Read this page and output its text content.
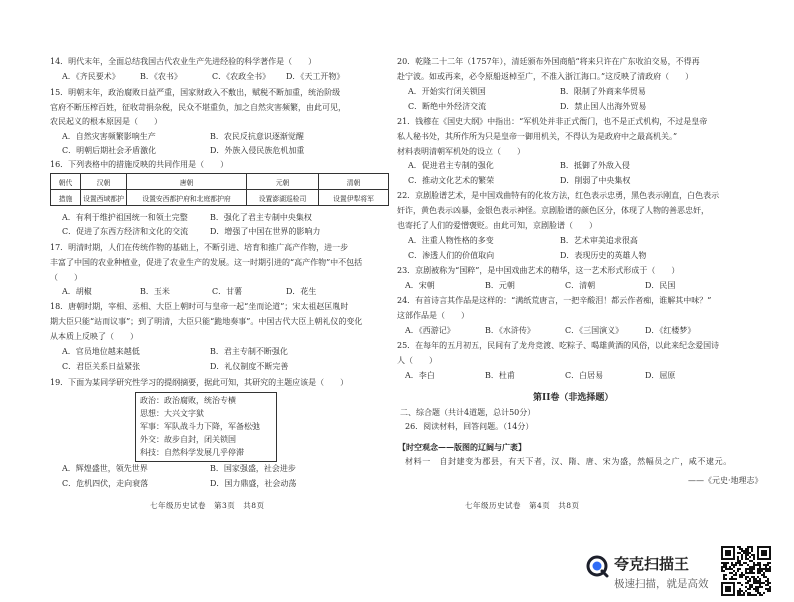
14．明代末年，全面总结我国古代农业生产先进经验的科学著作是（　　）
A．《齐民要术》	B．《农书》	C．《农政全书》 D．《天工开物》
15．明朝末年，政治腐败日益严重，国家财政入不敷出，赋税不断加重，统治阶级
官府不断压榨百姓，征收苛捐杂税，民众不堪重负，加之自然灾害频繁，由此可见，
农民起义的根本原因是（　　）
A．自然灾害频繁影响生产	B．农民反抗意识逐渐觉醒
C．明朝后期社会矛盾激化	D．外族入侵民族危机加重
16．下列表格中的措施反映的共同作用是（　　）
朝代	汉朝	唐朝	元朝	清朝
措施	设置西域都护	设置安西都护府和北庭都护府	设置澎湖巡检司	设置伊犁将军
A．有利于维护祖国统一和领土完整	B．强化了君主专制中央集权
C．促进了东西方经济和文化的交流	D．增强了中国在世界的影响力
17．明清时期，人们在传统作物的基础上，不断引进、培育和推广高产作物，进一步
丰富了中国的农业种植业，促进了农业生产的发展。这一时期引进的“高产作物”中不包括
（　　）
A．胡椒	B．玉米	C．甘薯	D．花生
18．唐朝时期，宰相、丞相、大臣上朝时可与皇帝一起“坐而论道”；宋太祖赵匡胤时
期大臣只能“站而议事”；到了明清，大臣只能“跪地奏事”。中国古代大臣上朝礼仪的变化
从本质上反映了（　　）
A．官员地位越来越低	B．君主专制不断强化
C．君臣关系日益紧张	D．礼仪制度不断完善
19．下面为某同学研究性学习的提纲摘要，据此可知，其研究的主题应该是（　　）
政治：政治腐败，统治专横
思想：大兴文字狱
军事：军队战斗力下降，军备松弛
外交：故步自封，闭关锁国
科技：自然科学发展几乎停滞
A．辉煌盛世，领先世界	B．国家强盛，社会进步
C．危机四伏，走向衰落	D．国力鼎盛，社会动荡
七年级历史试卷　第3页　共8页
20．乾隆二十二年（1757年），清廷颁布外国商船“将来只许在广东收泊交易，不得再
赴宁波。如或再来，必令原船返棹至广，不准入浙江海口。”这反映了清政府（　　）
A．开始实行闭关锁国	B．限制了外商来华贸易
C．断绝中外经济交流	D．禁止国人出海外贸易
21．钱穆在《国史大纲》中指出：“军机处并非正式衙门，也不是正式机构，不过是皇帝
私人秘书处，其所作所为只是皇帝一御用机关，不得认为是政府中之最高机关。”
材料表明清朝军机处的设立（　　）
A．促进君主专制的强化	B．抵御了外敌入侵
C．推动文化艺术的繁荣	D．削弱了中央集权
22．京剧脸谱艺术，是中国戏曲特有的化妆方法，红色表示忠勇，黑色表示刚直，白色表示
奸诈，黄色表示凶暴，金银色表示神怪。京剧脸谱的颜色区分，体现了人物的善恶忠奸，
也寄托了人们的爱憎褒贬。由此可知，京剧脸谱（　　）
A．注重人物性格的多变	B．艺术审美追求很高
C．渗透人们的价值取向	D．表现历史的英雄人物
23．京剧被称为“国粹”，是中国戏曲艺术的精华，这一艺术形式形成于（　　）
A．宋朝	B．元朝	C．清朝	D．民国
24．有首诗言其作品是这样的：“满纸荒唐言，一把辛酸泪！都云作者痴，谁解其中味？”
这部作品是（　　）
A．《西游记》	B．《水浒传》	C．《三国演义》	D．《红楼梦》
25．在每年的五月初五，民间有了龙舟竞渡、吃粽子、喝雄黄酒的风俗，以此来纪念爱国诗
人（　　）
A．李白	B．杜甫	C．白居易	D．屈原
第II卷（非选择题）
二、综合题（共计4道题，总计50分）
26．阅读材料，回答问题。（14分）
【时空观念——版图的辽阔与广袤】
材料一　自封建变为郡县，有天下者，汉、隋、唐、宋为盛，然幅员之广，咸不逮元。
——《元史·地理志》
七年级历史试卷　第4页　共8页
夸克扫描王
极速扫描，就是高效
